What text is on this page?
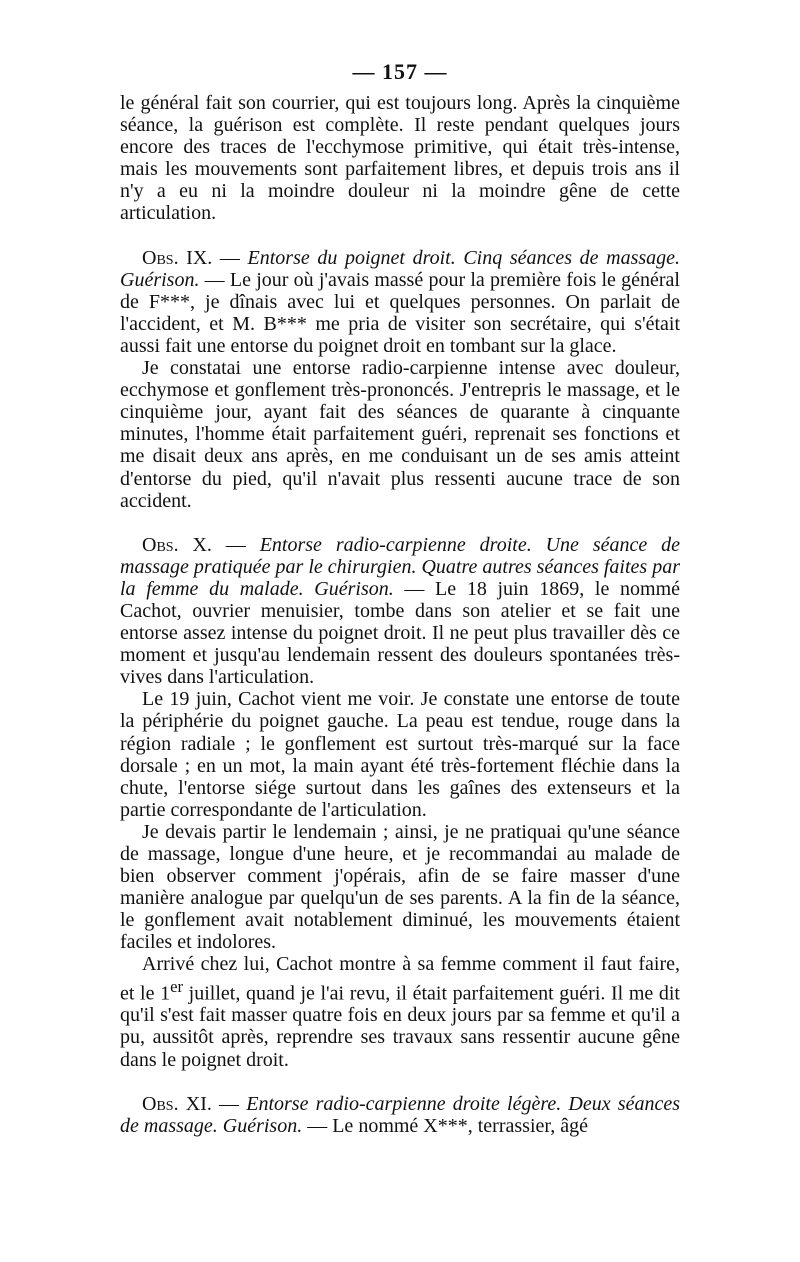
— 157 —

le général fait son courrier, qui est toujours long. Après la cinquième séance, la guérison est complète. Il reste pendant quelques jours encore des traces de l'ecchymose primitive, qui était très-intense, mais les mouvements sont parfaitement libres, et depuis trois ans il n'y a eu ni la moindre douleur ni la moindre gêne de cette articulation.

Obs. IX. — Entorse du poignet droit. Cinq séances de massage. Guérison. — Le jour où j'avais massé pour la première fois le général de F***, je dînais avec lui et quelques personnes. On parlait de l'accident, et M. B*** me pria de visiter son secrétaire, qui s'était aussi fait une entorse du poignet droit en tombant sur la glace.

Je constatai une entorse radio-carpienne intense avec douleur, ecchymose et gonflement très-prononcés. J'entrepris le massage, et le cinquième jour, ayant fait des séances de quarante à cinquante minutes, l'homme était parfaitement guéri, reprenait ses fonctions et me disait deux ans après, en me conduisant un de ses amis atteint d'entorse du pied, qu'il n'avait plus ressenti aucune trace de son accident.

Obs. X. — Entorse radio-carpienne droite. Une séance de massage pratiquée par le chirurgien. Quatre autres séances faites par la femme du malade. Guérison. — Le 18 juin 1869, le nommé Cachot, ouvrier menuisier, tombe dans son atelier et se fait une entorse assez intense du poignet droit. Il ne peut plus travailler dès ce moment et jusqu'au lendemain ressent des douleurs spontanées très-vives dans l'articulation.

Le 19 juin, Cachot vient me voir. Je constate une entorse de toute la périphérie du poignet gauche. La peau est tendue, rouge dans la région radiale ; le gonflement est surtout très-marqué sur la face dorsale ; en un mot, la main ayant été très-fortement fléchie dans la chute, l'entorse siége surtout dans les gaînes des extenseurs et la partie correspondante de l'articulation.

Je devais partir le lendemain ; ainsi, je ne pratiquai qu'une séance de massage, longue d'une heure, et je recommandai au malade de bien observer comment j'opérais, afin de se faire masser d'une manière analogue par quelqu'un de ses parents. A la fin de la séance, le gonflement avait notablement diminué, les mouvements étaient faciles et indolores.

Arrivé chez lui, Cachot montre à sa femme comment il faut faire, et le 1er juillet, quand je l'ai revu, il était parfaitement guéri. Il me dit qu'il s'est fait masser quatre fois en deux jours par sa femme et qu'il a pu, aussitôt après, reprendre ses travaux sans ressentir aucune gêne dans le poignet droit.

Obs. XI. — Entorse radio-carpienne droite légère. Deux séances de massage. Guérison. — Le nommé X***, terrassier, âgé
